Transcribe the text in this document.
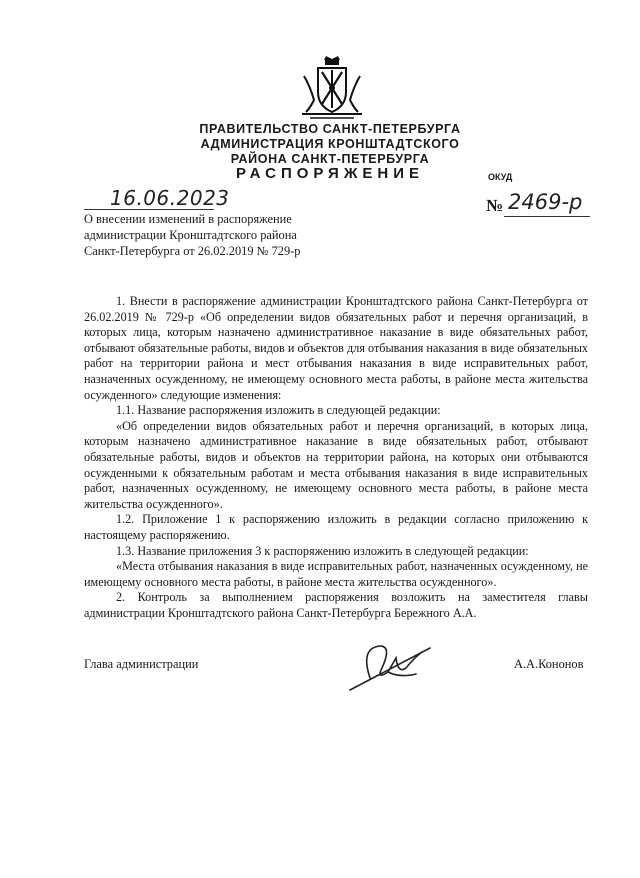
ПРАВИТЕЛЬСТВО САНКТ-ПЕТЕРБУРГА
АДМИНИСТРАЦИЯ КРОНШТАДТСКОГО
РАЙОНА САНКТ-ПЕТЕРБУРГА
РАСПОРЯЖЕНИЕ	ОКУД
16.06.2023	№ 2469-р
О внесении изменений в распоряжение
администрации Кронштадтского района
Санкт-Петербурга от 26.02.2019 № 729-р

1. Внести в распоряжение администрации Кронштадтского района Санкт-Петербурга от 26.02.2019 № 729-р «Об определении видов обязательных работ и перечня организаций, в которых лица, которым назначено административное наказание в виде обязательных работ, отбывают обязательные работы, видов и объектов для отбывания наказания в виде обязательных работ на территории района и мест отбывания наказания в виде исправительных работ, назначенных осужденному, не имеющему основного места работы, в районе места жительства осужденного» следующие изменения:

1.1. Название распоряжения изложить в следующей редакции:

«Об определении видов обязательных работ и перечня организаций, в которых лица, которым назначено административное наказание в виде обязательных работ, отбывают обязательные работы, видов и объектов на территории района, на которых они отбываются осужденными к обязательным работам и места отбывания наказания в виде исправительных работ, назначенных осужденному, не имеющему основного места работы, в районе места жительства осужденного».

1.2. Приложение 1 к распоряжению изложить в редакции согласно приложению к настоящему распоряжению.

1.3. Название приложения 3 к распоряжению изложить в следующей редакции:

«Места отбывания наказания в виде исправительных работ, назначенных осужденному, не имеющему основного места работы, в районе места жительства осужденного».

2. Контроль за выполнением распоряжения возложить на заместителя главы администрации Кронштадтского района Санкт-Петербурга Бережного А.А.

Глава администрации	А.А.Кононов
